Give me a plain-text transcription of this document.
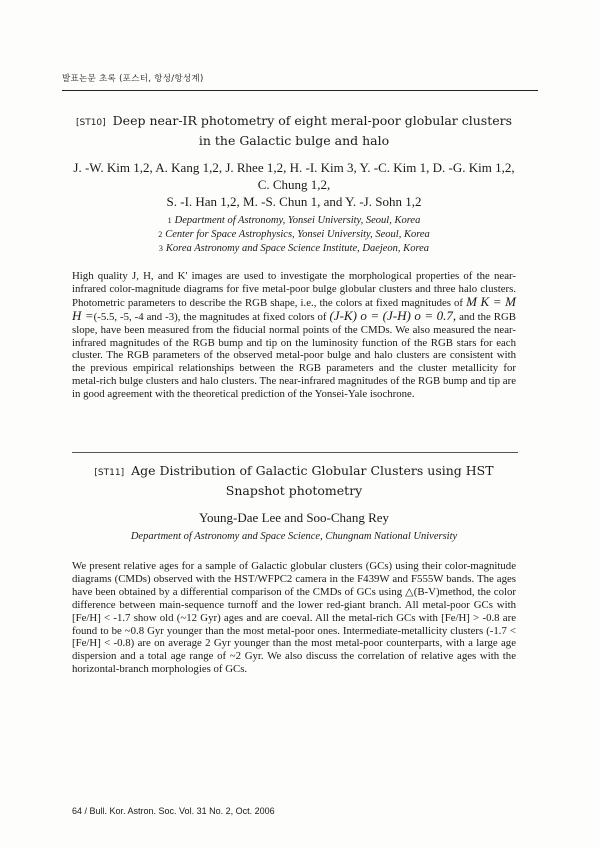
발표논문 초록 (포스터, 항성/항성계)

[ST10] Deep near-IR photometry of eight meral-poor globular clusters in the Galactic bulge and halo

J. -W. Kim 1,2, A. Kang 1,2, J. Rhee 1,2, H. -I. Kim 3, Y. -C. Kim 1, D. -G. Kim 1,2, C. Chung 1,2,
S. -I. Han 1,2, M. -S. Chun 1, and Y. -J. Sohn 1,2

1 Department of Astronomy, Yonsei University, Seoul, Korea
2 Center for Space Astrophysics, Yonsei University, Seoul, Korea
3 Korea Astronomy and Space Science Institute, Daejeon, Korea

High quality J, H, and K' images are used to investigate the morphological properties of the near-infrared color-magnitude diagrams for five metal-poor bulge globular clusters and three halo clusters. Photometric parameters to describe the RGB shape, i.e., the colors at fixed magnitudes of M K = M H =(-5.5, -5, -4 and -3), the magnitudes at fixed colors of (J-K) o = (J-H) o = 0.7, and the RGB slope, have been measured from the fiducial normal points of the CMDs. We also measured the near-infrared magnitudes of the RGB bump and tip on the luminosity function of the RGB stars for each cluster. The RGB parameters of the observed metal-poor bulge and halo clusters are consistent with the previous empirical relationships between the RGB parameters and the cluster metallicity for metal-rich bulge clusters and halo clusters. The near-infrared magnitudes of the RGB bump and tip are in good agreement with the theoretical prediction of the Yonsei-Yale isochrone.

[ST11] Age Distribution of Galactic Globular Clusters using HST Snapshot photometry

Young-Dae Lee and Soo-Chang Rey

Department of Astronomy and Space Science, Chungnam National University

We present relative ages for a sample of Galactic globular clusters (GCs) using their color-magnitude diagrams (CMDs) observed with the HST/WFPC2 camera in the F439W and F555W bands. The ages have been obtained by a differential comparison of the CMDs of GCs using △(B-V)method, the color difference between main-sequence turnoff and the lower red-giant branch. All metal-poor GCs with [Fe/H] < -1.7 show old (~12 Gyr) ages and are coeval. All the metal-rich GCs with [Fe/H] > -0.8 are found to be ~0.8 Gyr younger than the most metal-poor ones. Intermediate-metallicity clusters (-1.7 < [Fe/H] < -0.8) are on average 2 Gyr younger than the most metal-poor counterparts, with a large age dispersion and a total age range of ~2 Gyr. We also discuss the correlation of relative ages with the horizontal-branch morphologies of GCs.

64 / Bull. Kor. Astron. Soc. Vol. 31 No. 2, Oct. 2006
